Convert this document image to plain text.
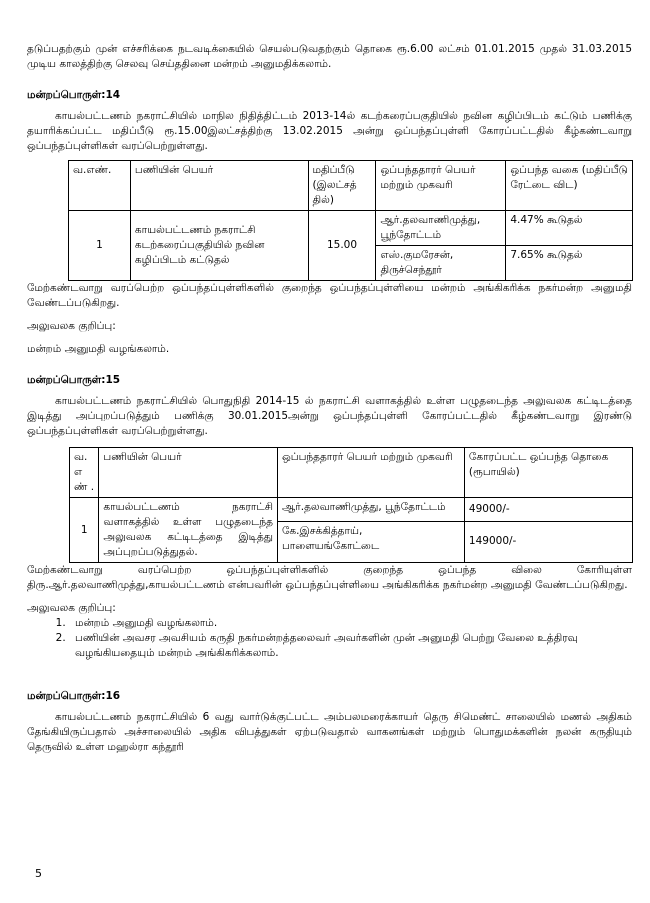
தடுப்பதற்கும் முன் எச்சரிக்கை நடவடிக்கையில் செயல்படுவதற்கும் தொகை ரூ.6.00 லட்சம் 01.01.2015 முதல் 31.03.2015 முடிய காலத்திற்கு செலவு செய்ததினை மன்றம் அனுமதிக்கலாம்.

மன்றப்பொருள்:14

காயல்பட்டணம் நகராட்சியில் மாநில நிதித்திட்டம் 2013-14ல் கடற்கரைப்பகுதியில் நவின கழிப்பிடம் கட்டும் பணிக்கு தயாரிக்கப்பட்ட மதிப்பீடு ரூ.15.00இலட்சத்திற்கு 13.02.2015 அன்று ஒப்பந்தப்புள்ளி கோரப்பட்டதில் கீழ்கண்டவாறு ஒப்பந்தப்புள்ளிகள் வரப்பெற்றுள்ளது.

வ.எண்.	பணியின் பெயர்	மதிப்பீடு (இலட்சத் தில்)	ஒப்பந்ததாரர் பெயர் மற்றும் முகவரி	ஒப்பந்த வகை (மதிப்பீடு ரேட்டை விட)
1	காயல்பட்டணம் நகராட்சி கடற்கரைப்பகுதியில் நவின கழிப்பிடம் கட்டுதல்	15.00	ஆர்.தலவாணிமுத்து, பூந்தோட்டம்	4.47% கூடுதல்
			எஸ்.குமரேசன், திருச்செந்தூர்	7.65% கூடுதல்

மேற்கண்டவாறு வரப்பெற்ற ஒப்பந்தப்புள்ளிகளில் குறைந்த ஒப்பந்தப்புள்ளியை மன்றம் அங்கிகரிக்க நகர்மன்ற அனுமதி வேண்டப்படுகிறது.

அலுவலக குறிப்பு:

மன்றம் அனுமதி வழங்கலாம்.

மன்றப்பொருள்:15

காயல்பட்டணம் நகராட்சியில் பொதுநிதி 2014-15 ல் நகராட்சி வளாகத்தில் உள்ள பழுதடைந்த அலுவலக கட்டிடத்தை இடித்து அப்புறப்படுத்தும் பணிக்கு 30.01.2015அன்று ஒப்பந்தப்புள்ளி கோரப்பட்டதில் கீழ்கண்டவாறு இரண்டு ஒப்பந்தப்புள்ளிகள் வரப்பெற்றுள்ளது.

வ. எ ண் .	பணியின் பெயர்	ஒப்பந்ததாரர் பெயர் மற்றும் முகவரி	கோரப்பட்ட ஒப்பந்த தொகை (ரூபாயில்)
1	காயல்பட்டணம் நகராட்சி வளாகத்தில் உள்ள பழுதடைந்த அலுவலக கட்டிடத்தை இடித்து அப்புறப்படுத்துதல்.	ஆர்.தலவாணிமுத்து, பூந்தோட்டம்	49000/-
		கே.இசக்கித்தாய், பாளையங்கோட்டை	149000/-

மேற்கண்டவாறு வரப்பெற்ற ஒப்பந்தப்புள்ளிகளில் குறைந்த ஒப்பந்த விலை கோரியுள்ள திரு.ஆர்.தலவாணிமுத்து,காயல்பட்டணம் என்பவரின் ஒப்பந்தப்புள்ளியை அங்கிகரிக்க நகர்மன்ற அனுமதி வேண்டப்படுகிறது.

அலுவலக குறிப்பு:

1. மன்றம் அனுமதி வழங்கலாம்.
2. பணியின் அவசர அவசியம் கருதி நகர்மன்றத்தலைவர் அவர்களின் முன் அனுமதி பெற்று வேலை உத்திரவு வழங்கியதையும் மன்றம் அங்கிகரிக்கலாம்.

மன்றப்பொருள்:16

காயல்பட்டணம் நகராட்சியில் 6 வது வார்டுக்குட்பட்ட அம்பலமரைக்காயர் தெரு சிமெண்ட் சாலையில் மணல் அதிகம் தேங்கியிருப்பதால் அச்சாலையில் அதிக விபத்துகள் ஏற்படுவதால் வாகனங்கள் மற்றும் பொதுமக்களின் நலன் கருதியும் தெருவில் உள்ள மஹல்ரா கந்தூரி

5
